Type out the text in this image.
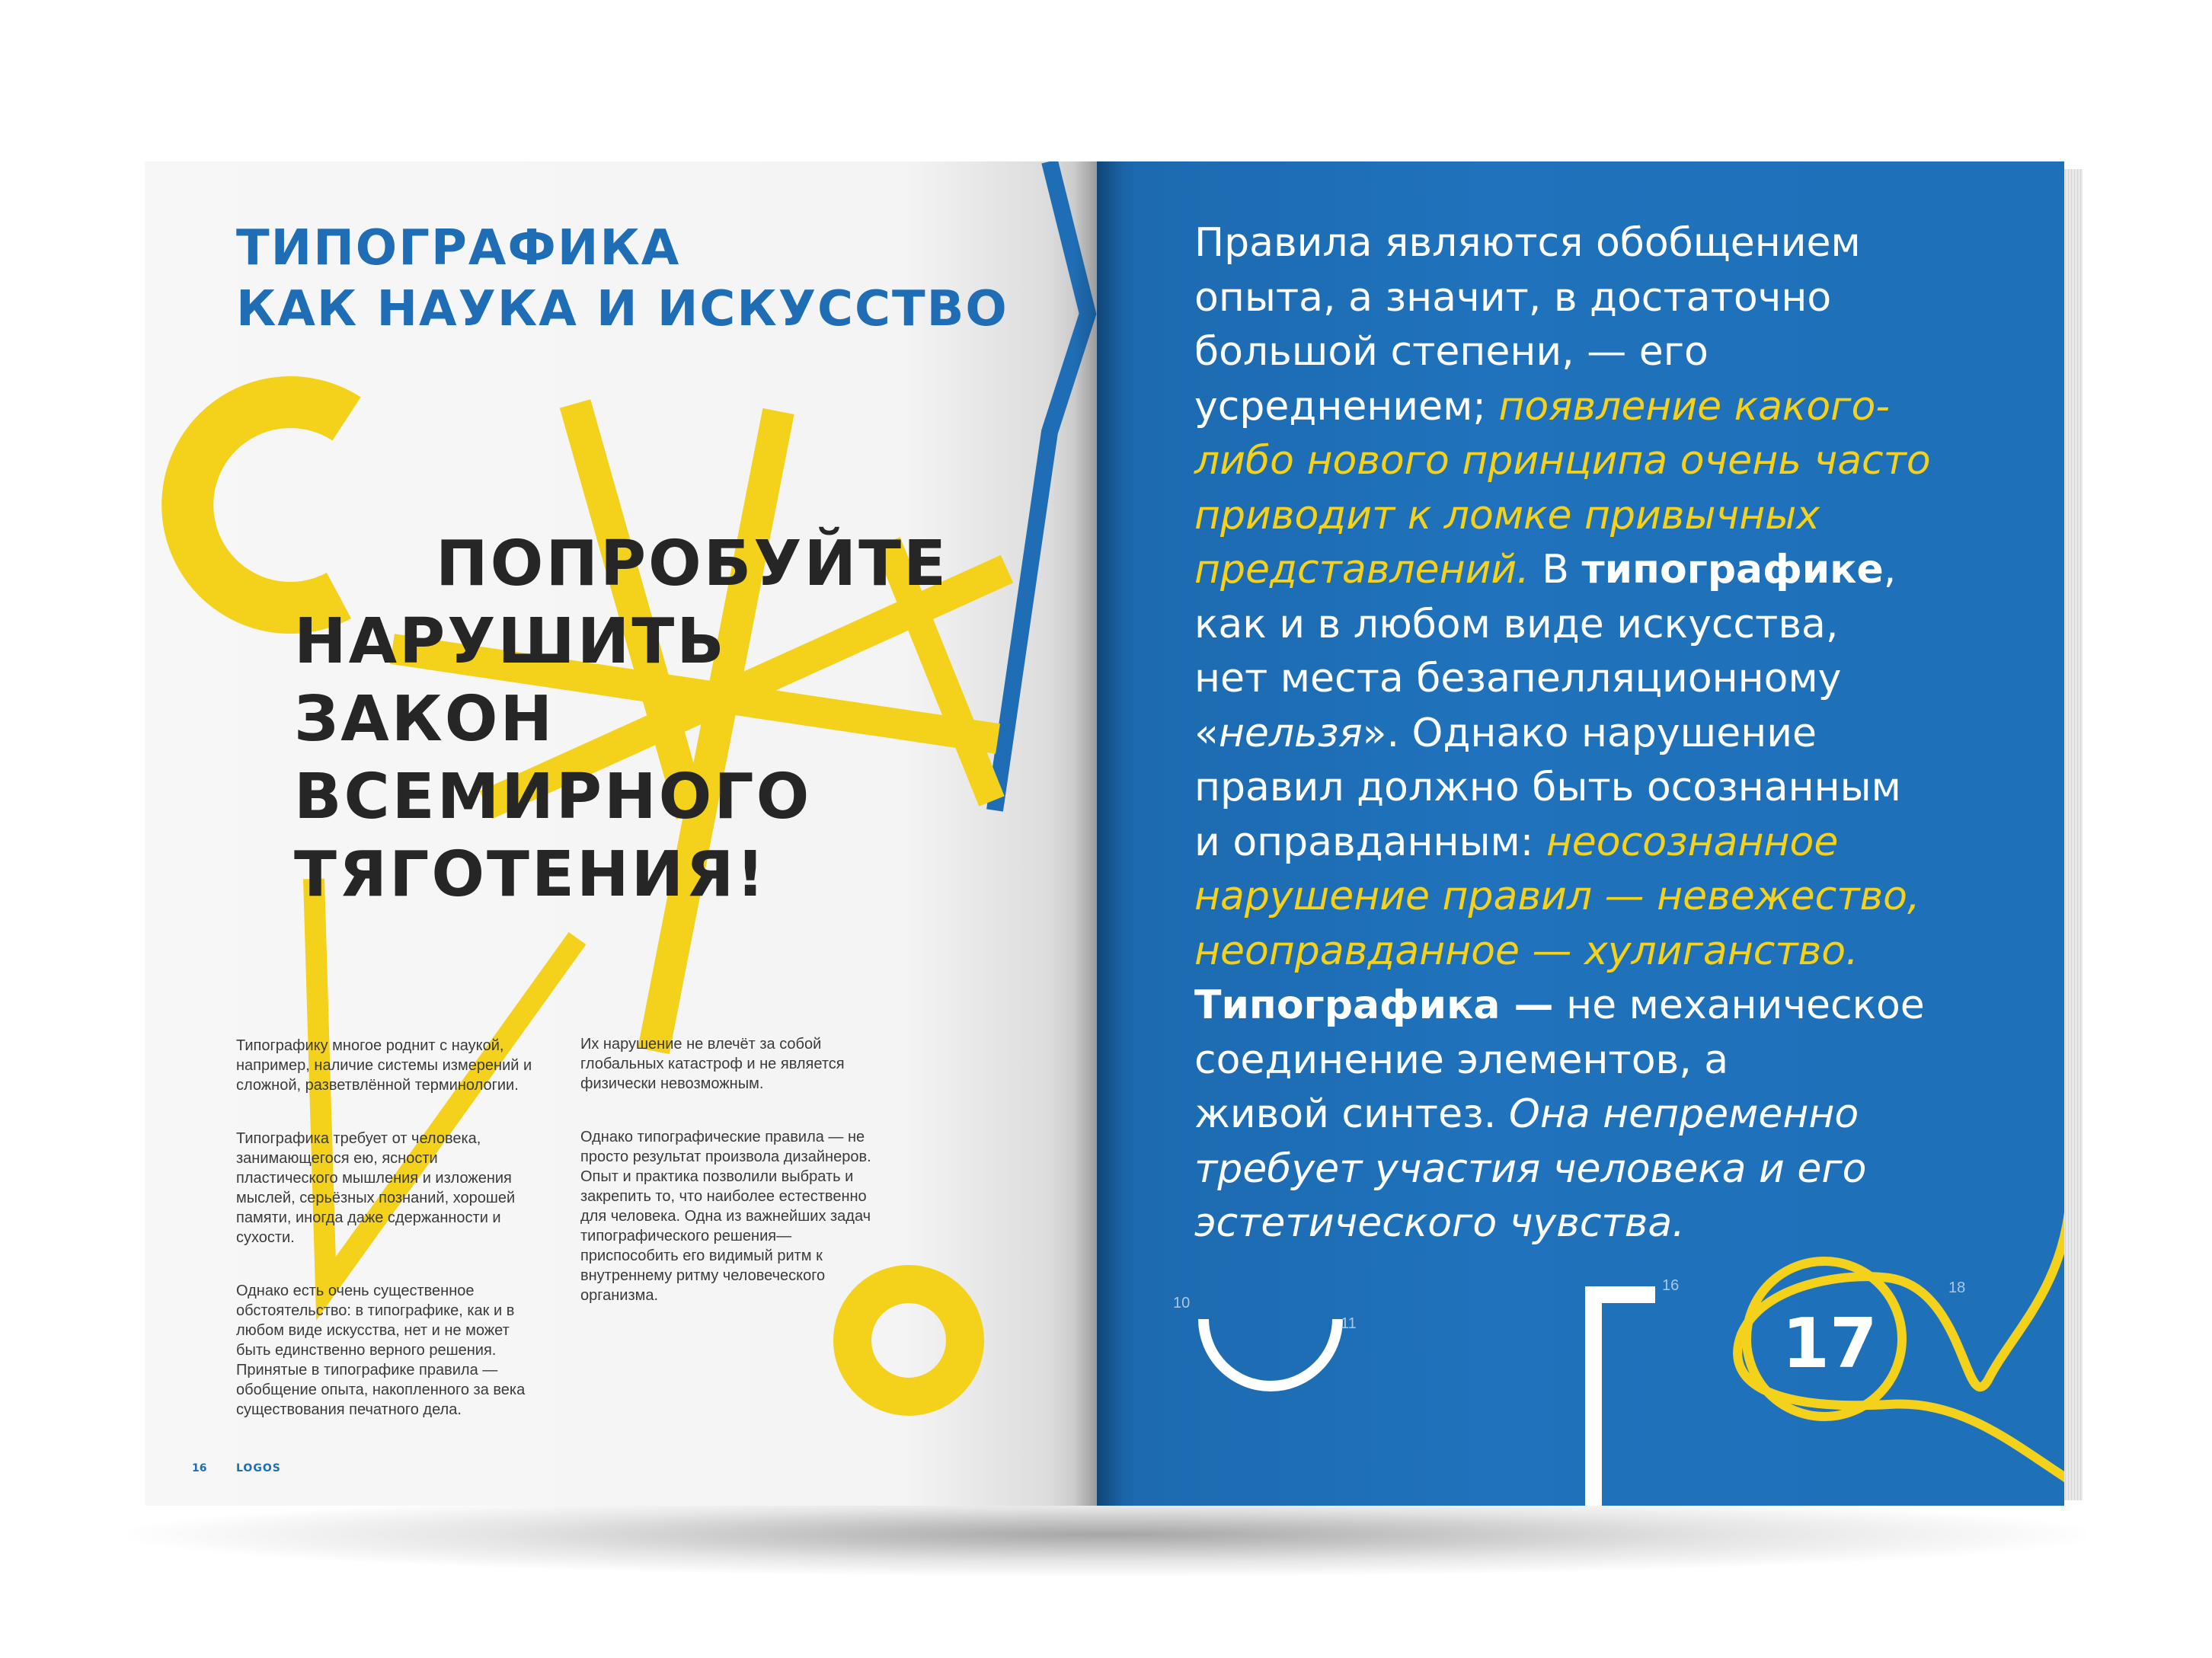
ТИПОГРАФИКА
КАК НАУКА И ИСКУССТВО
ПОПРОБУЙТЕ
НАРУШИТЬ ЗАКОН
ВСЕМИРНОГО
ТЯГОТЕНИЯ!

Типографику многое роднит с наукой, например, наличие системы измерений и сложной, разветвлённой терминологии.

Типографика требует от человека, занимающегося ею, ясности пластического мышления и изложения мыслей, серьёзных познаний, хорошей памяти, иногда даже сдержанности и сухости.

Однако есть очень существенное обстоятельство: в типографике, как и в любом виде искусства, нет и не может быть единственно верного решения. Принятые в типографике правила — обобщение опыта, накопленного за века существования печатного дела.

Их нарушение не влечёт за собой глобальных катастроф и не является физически невозможным.

Однако типографические правила — не просто результат произвола дизайнеров. Опыт и практика позволили выбрать и закрепить то, что наиболее естественно для человека. Одна из важнейших задач типографического решения— приспособить его видимый ритм к внутреннему ритму человеческого организма.

16	LOGOS
Правила являются обобщением
опыта, а значит, в достаточно
большой степени, — его
усреднением; появление какого-
либо нового принципа очень часто
приводит к ломке привычных
представлений. В типографике,
как и в любом виде искусства,
нет места безапелляционному
«нельзя». Однако нарушение
правил должно быть осознанным
и оправданным: неосознанное
нарушение правил — невежество,
неоправданное — хулиганство.
Типографика — не механическое
соединение элементов, а
живой синтез. Она непременно
требует участия человека и его
эстетического чувства.
10
11
16	18
17
